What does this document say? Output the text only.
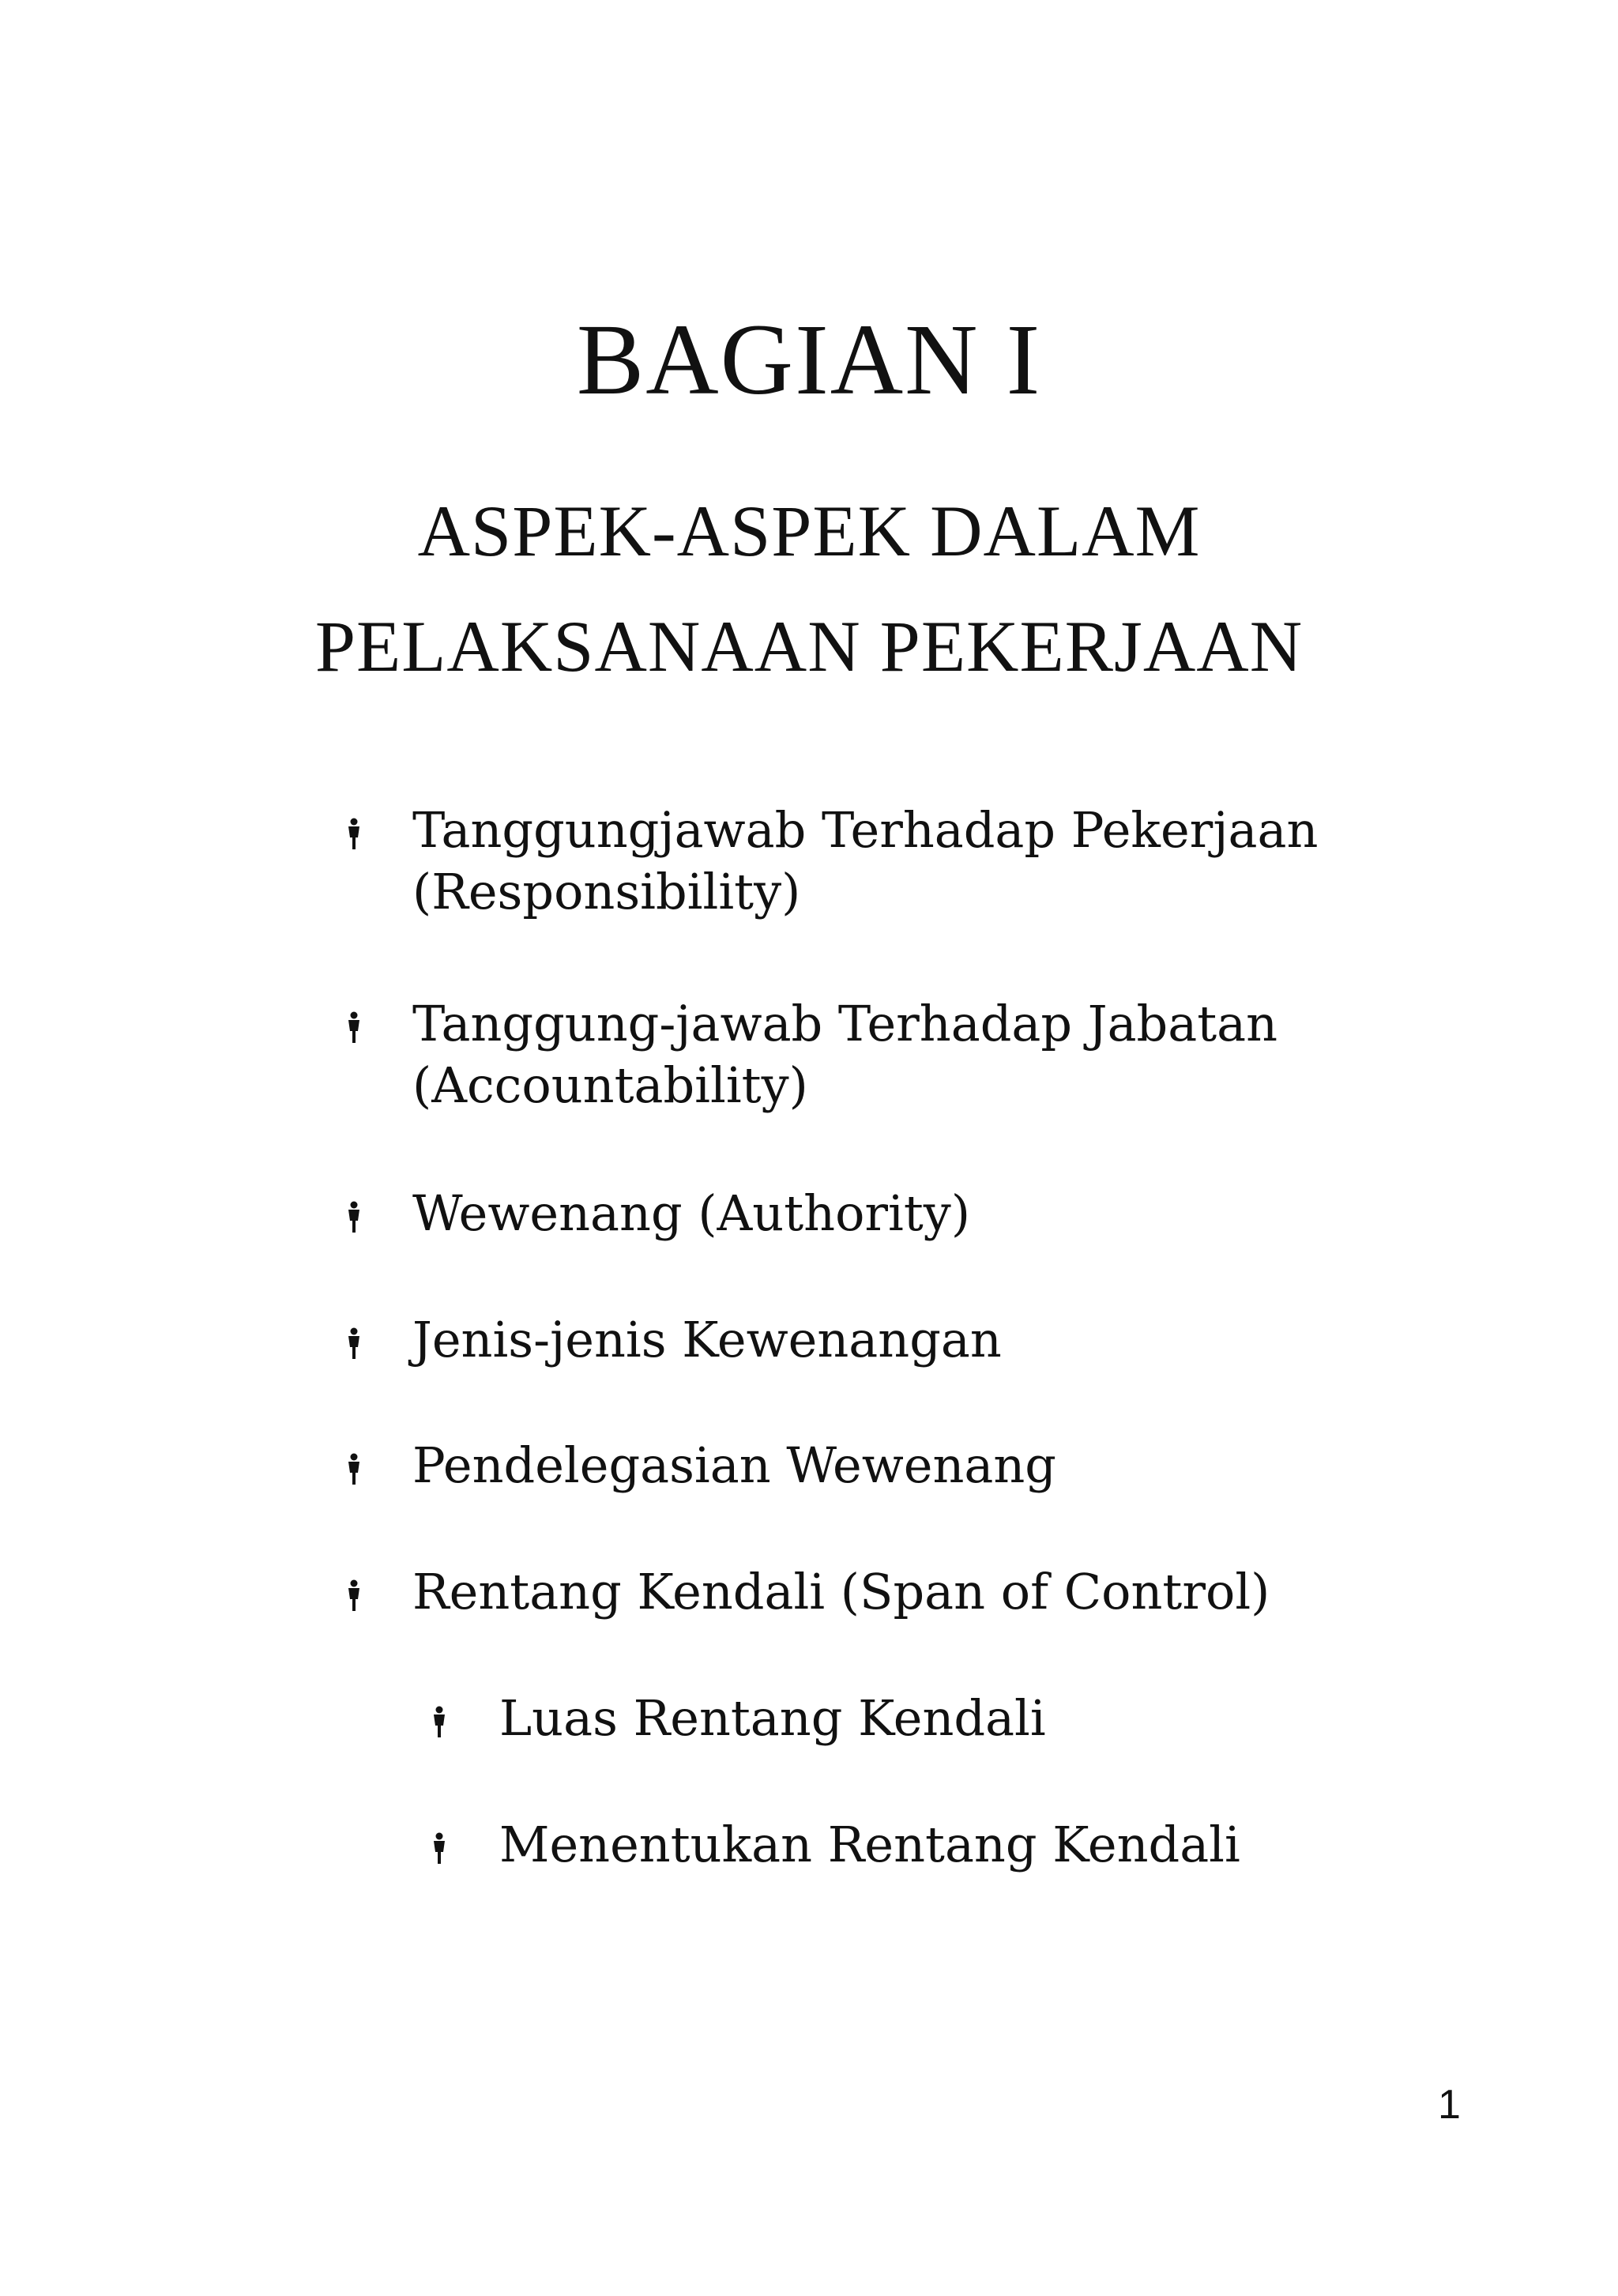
BAGIAN I
ASPEK-ASPEK DALAM
PELAKSANAAN PEKERJAAN
Tanggungjawab Terhadap Pekerjaan
(Responsibility)
Tanggung-jawab Terhadap Jabatan
(Accountability)
Wewenang (Authority)
Jenis-jenis Kewenangan
Pendelegasian Wewenang
Rentang Kendali (Span of Control)
Luas Rentang Kendali
Menentukan Rentang Kendali
1
